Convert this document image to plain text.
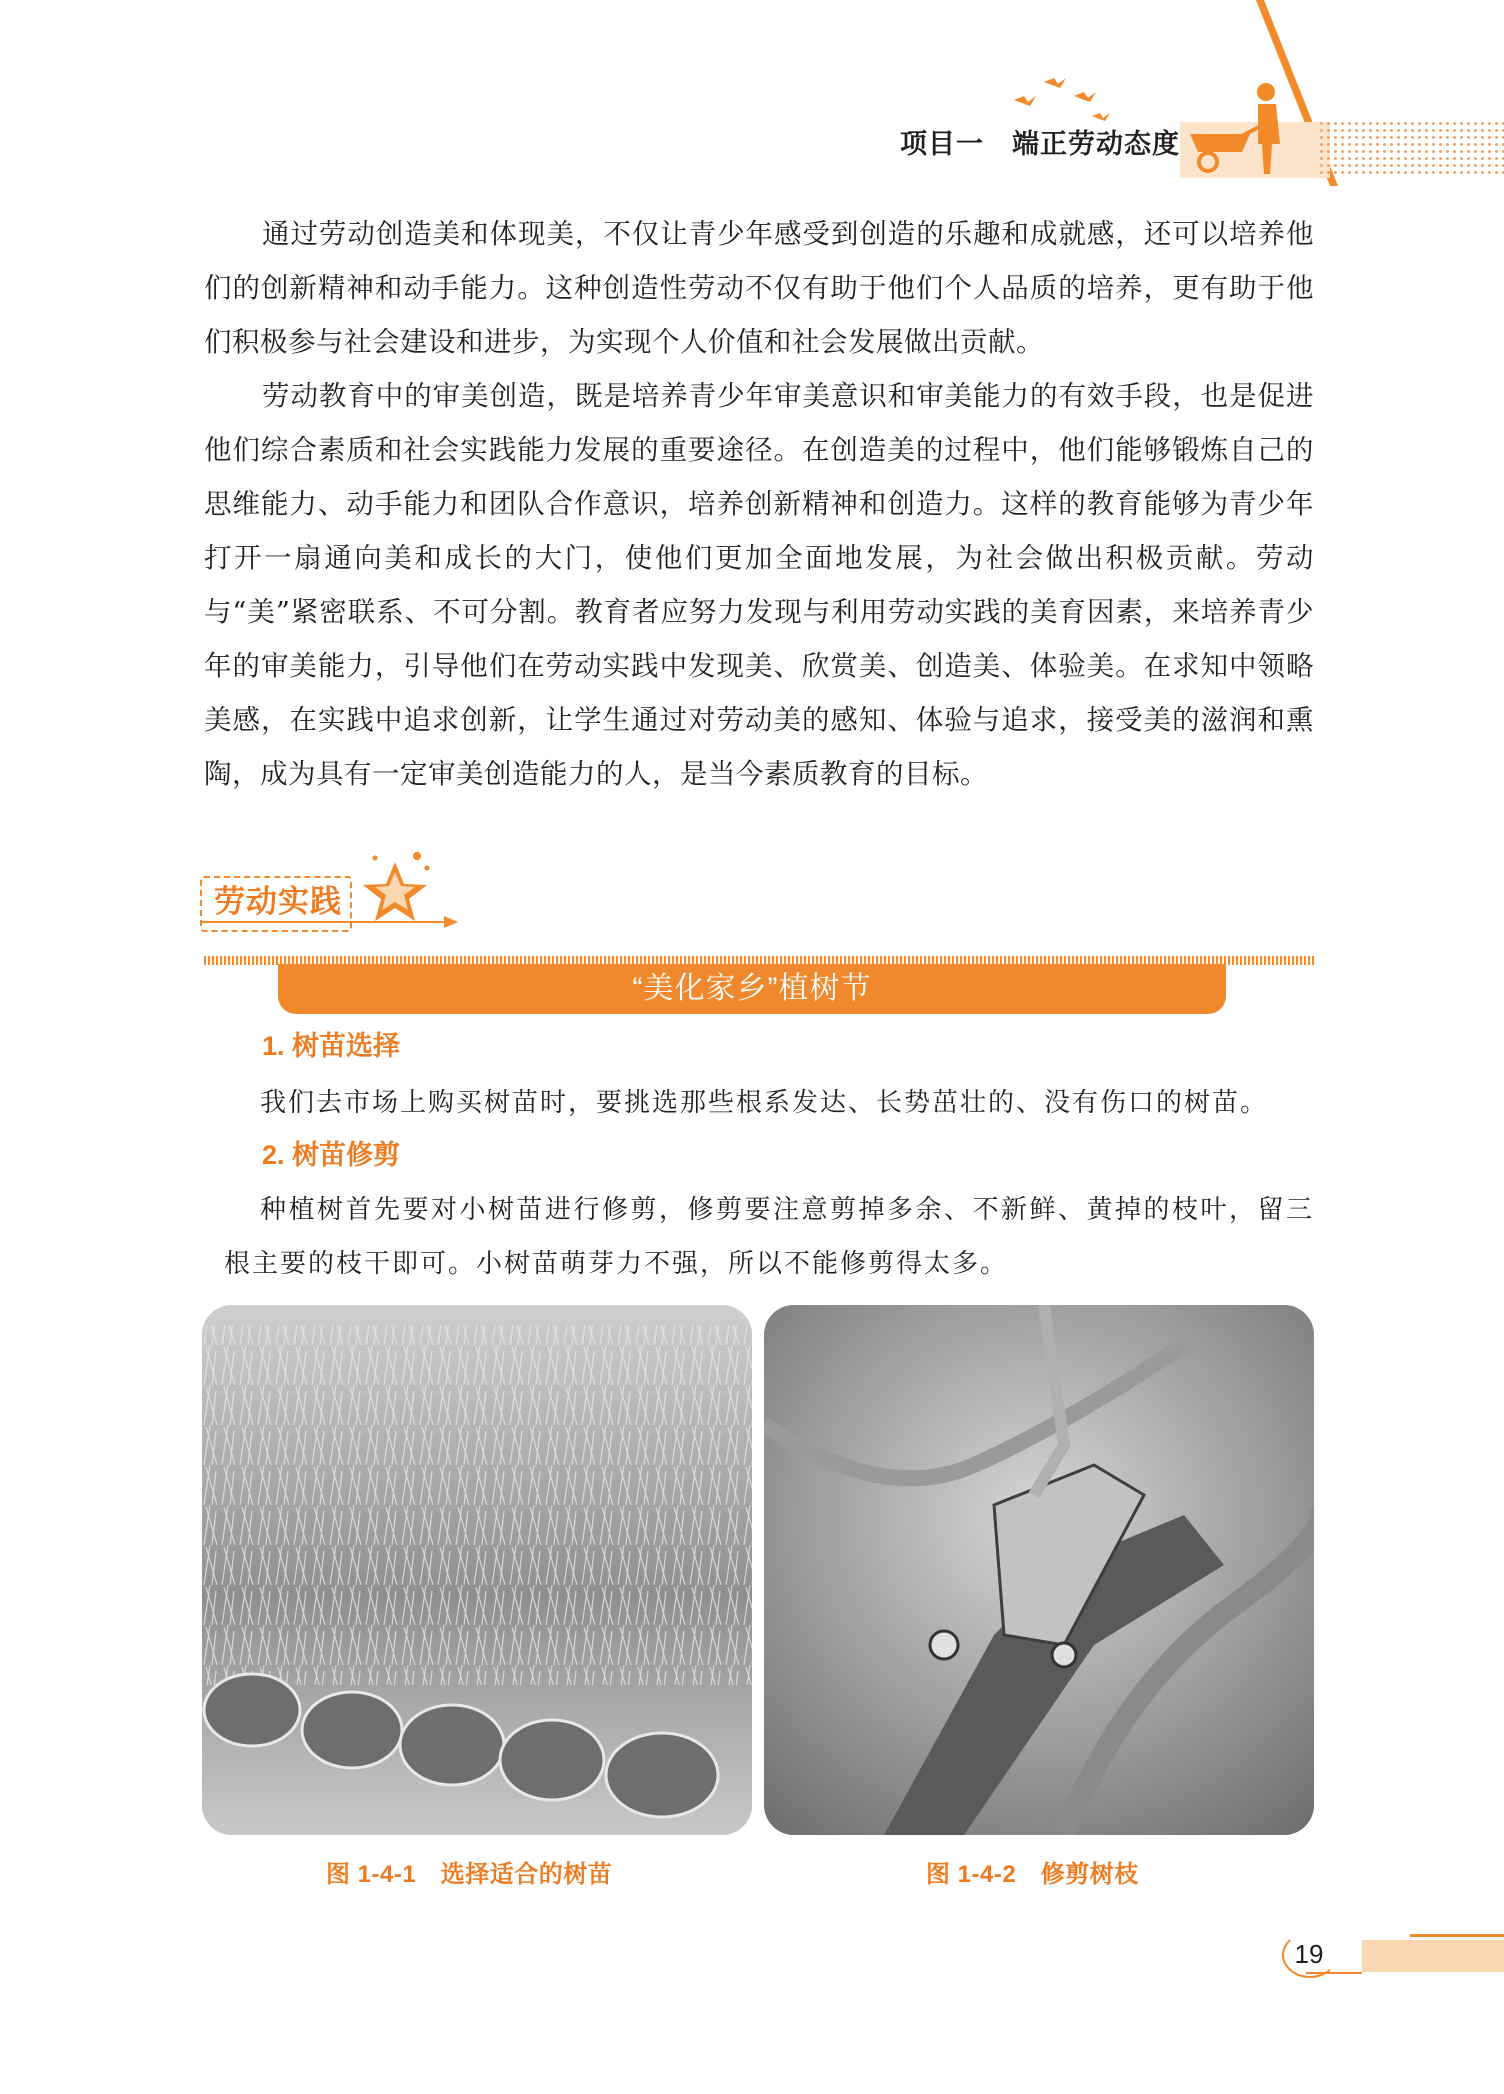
项目一　端正劳动态度
通过劳动创造美和体现美，不仅让青少年感受到创造的乐趣和成就感，还可以培养他们的创新精神和动手能力。这种创造性劳动不仅有助于他们个人品质的培养，更有助于他们积极参与社会建设和进步，为实现个人价值和社会发展做出贡献。
劳动教育中的审美创造，既是培养青少年审美意识和审美能力的有效手段，也是促进他们综合素质和社会实践能力发展的重要途径。在创造美的过程中，他们能够锻炼自己的思维能力、动手能力和团队合作意识，培养创新精神和创造力。这样的教育能够为青少年打开一扇通向美和成长的大门，使他们更加全面地发展，为社会做出积极贡献。劳动与“美”紧密联系、不可分割。教育者应努力发现与利用劳动实践的美育因素，来培养青少年的审美能力，引导他们在劳动实践中发现美、欣赏美、创造美、体验美。在求知中领略美感，在实践中追求创新，让学生通过对劳动美的感知、体验与追求，接受美的滋润和熏陶，成为具有一定审美创造能力的人，是当今素质教育的目标。
劳动实践
“美化家乡”植树节
1. 树苗选择
我们去市场上购买树苗时，要挑选那些根系发达、长势茁壮的、没有伤口的树苗。
2. 树苗修剪
种植树首先要对小树苗进行修剪，修剪要注意剪掉多余、不新鲜、黄掉的枝叶，留三根主要的枝干即可。小树苗萌芽力不强，所以不能修剪得太多。
图 1-4-1　选择适合的树苗	图 1-4-2　修剪树枝
19
